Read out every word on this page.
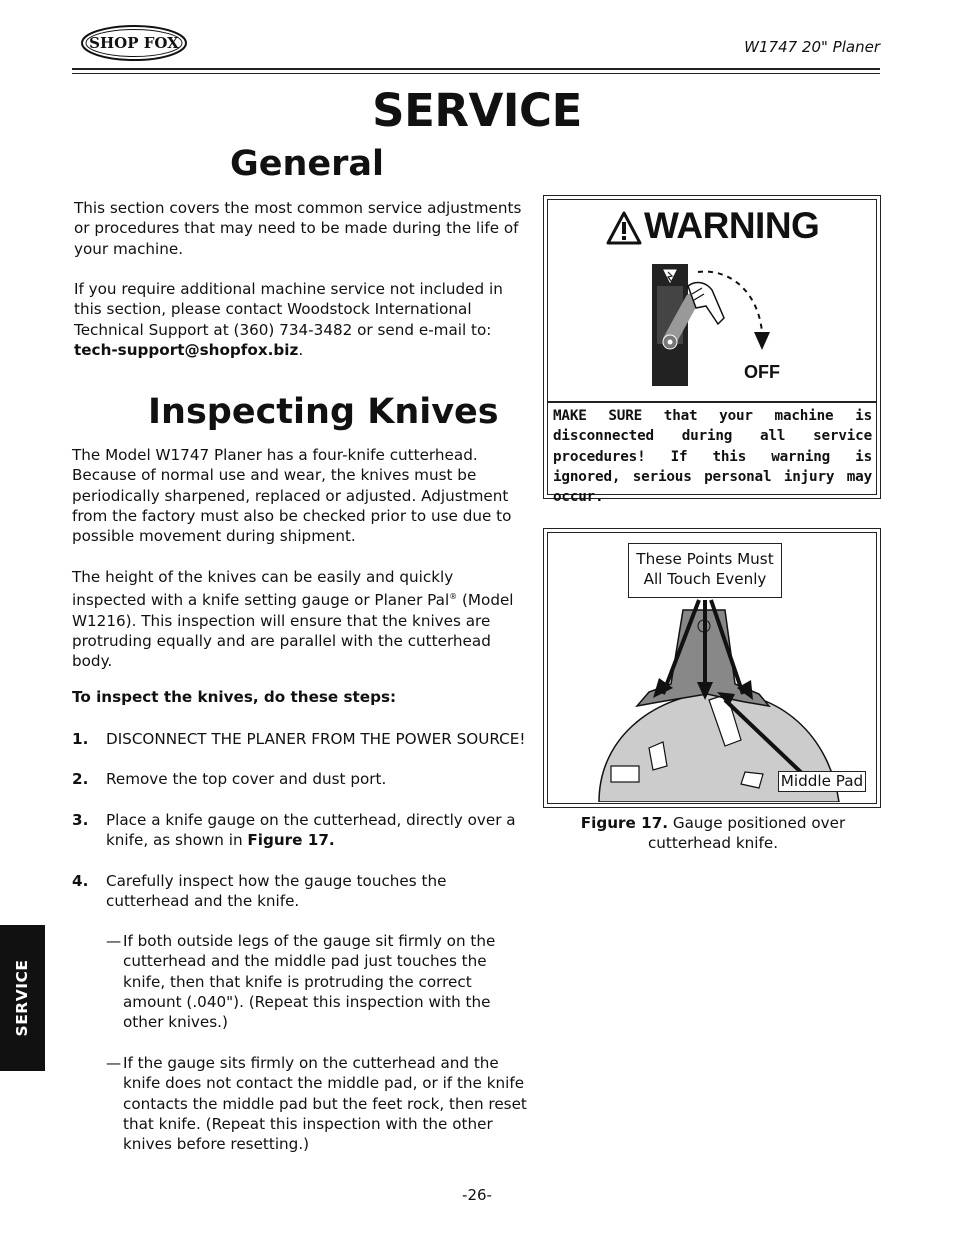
SHOP FOX	W1747 20" Planer
SERVICE
General
This section covers the most common service adjustments or procedures that may need to be made during the life of your machine.
If you require additional machine service not included in this section, please contact Woodstock International Technical Support at (360) 734-3482 or send e-mail to:
tech-support@shopfox.biz.
WARNING
OFF
MAKE SURE that your machine is disconnected during all service procedures! If this warning is ignored, serious personal injury may occur.
Inspecting Knives
The Model W1747 Planer has a four-knife cutterhead. Because of normal use and wear, the knives must be periodically sharpened, replaced or adjusted. Adjustment from the factory must also be checked prior to use due to possible movement during shipment.
The height of the knives can be easily and quickly inspected with a knife setting gauge or Planer Pal® (Model W1216). This inspection will ensure that the knives are protruding equally and are parallel with the cutterhead body.
To inspect the knives, do these steps:
1. DISCONNECT THE PLANER FROM THE POWER SOURCE!
2. Remove the top cover and dust port.
3. Place a knife gauge on the cutterhead, directly over a knife, as shown in Figure 17.
4. Carefully inspect how the gauge touches the cutterhead and the knife.
— If both outside legs of the gauge sit firmly on the cutterhead and the middle pad just touches the knife, then that knife is protruding the correct amount (.040"). (Repeat this inspection with the other knives.)
— If the gauge sits firmly on the cutterhead and the knife does not contact the middle pad, or if the knife contacts the middle pad but the feet rock, then reset that knife. (Repeat this inspection with the other knives before resetting.)
These Points Must All Touch Evenly
Middle Pad
Figure 17. Gauge positioned over cutterhead knife.
SERVICE
-26-
